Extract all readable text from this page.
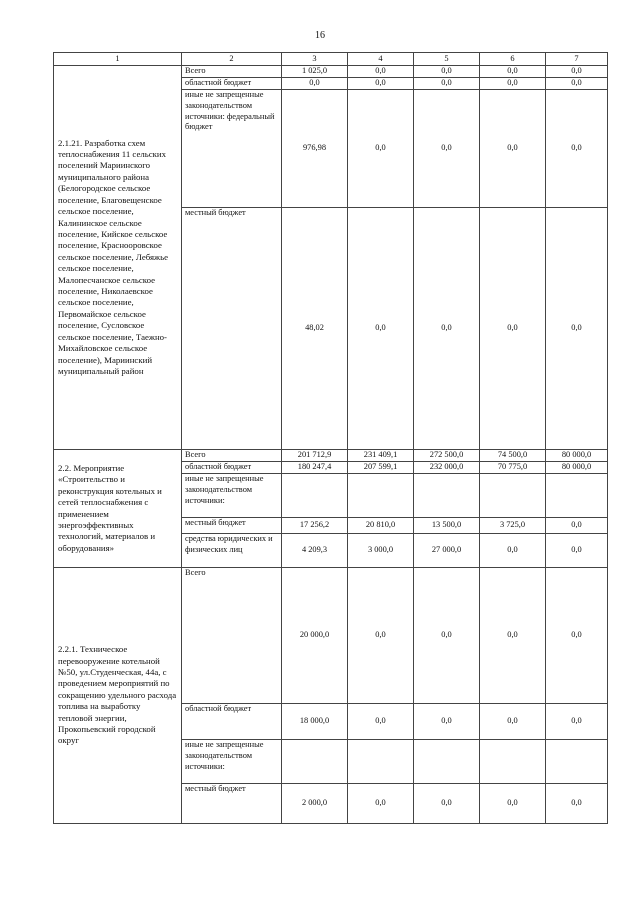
16
1	2	3	4	5	6	7
2.1.21. Разработка схем теплоснабжения 11 сельских поселений Мариинского муниципального района (Белогородское сельское поселение, Благовещенское сельское поселение, Калининское сельское поселение, Кийское сельское поселение, Краснооровское сельское поселение, Лебяжье сельское поселение, Малопесчанское сельское поселение, Николаевское сельское поселение, Первомайское сельское поселение, Сусловское сельское поселение, Таежно-Михайловское сельское поселение), Мариинский муниципальный район	Всего	1 025,0	0,0	0,0	0,0	0,0
	областной бюджет	0,0	0,0	0,0	0,0	0,0
	иные не запрещенные законодательством источники: федеральный бюджет	976,98	0,0	0,0	0,0	0,0
	местный бюджет	48,02	0,0	0,0	0,0	0,0
2.2. Мероприятие «Строительство и реконструкция котельных и сетей теплоснабжения с применением энергоэффективных технологий, материалов и оборудования»	Всего	201 712,9	231 409,1	272 500,0	74 500,0	80 000,0
	областной бюджет	180 247,4	207 599,1	232 000,0	70 775,0	80 000,0
	иные не запрещенные законодательством источники:					
	местный бюджет	17 256,2	20 810,0	13 500,0	3 725,0	0,0
	средства юридических и физических лиц	4 209,3	3 000,0	27 000,0	0,0	0,0
2.2.1. Техническое перевооружение котельной №50, ул.Студенческая, 44а, с проведением мероприятий по сокращению удельного расхода топлива на выработку тепловой энергии, Прокопьевский городской округ	Всего	20 000,0	0,0	0,0	0,0	0,0
	областной бюджет	18 000,0	0,0	0,0	0,0	0,0
	иные не запрещенные законодательством источники:					
	местный бюджет	2 000,0	0,0	0,0	0,0	0,0
